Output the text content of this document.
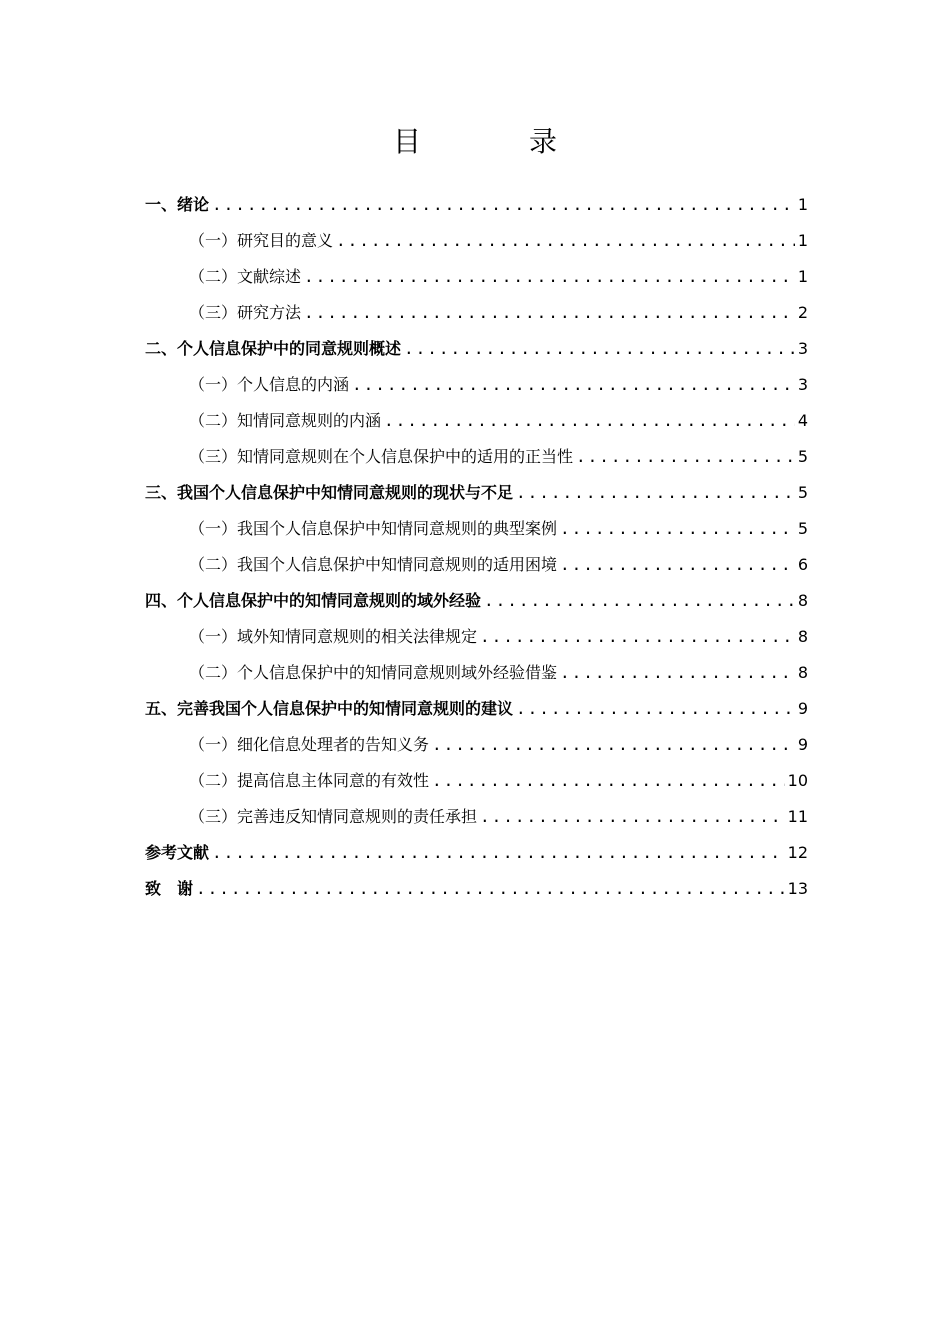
目　录
一、绪论 .....	1
（一）研究目的意义 .....	1
（二）文献综述 .....	1
（三）研究方法 .....	2
二、个人信息保护中的同意规则概述 .....	3
（一）个人信息的内涵 .....	3
（二）知情同意规则的内涵 .....	4
（三）知情同意规则在个人信息保护中的适用的正当性 .....	5
三、我国个人信息保护中知情同意规则的现状与不足 .....	5
（一）我国个人信息保护中知情同意规则的典型案例 .....	5
（二）我国个人信息保护中知情同意规则的适用困境 .....	6
四、个人信息保护中的知情同意规则的域外经验 .....	8
（一）域外知情同意规则的相关法律规定 .....	8
（二）个人信息保护中的知情同意规则域外经验借鉴 .....	8
五、完善我国个人信息保护中的知情同意规则的建议 .....	9
（一）细化信息处理者的告知义务 .....	9
（二）提高信息主体同意的有效性 .....	10
（三）完善违反知情同意规则的责任承担 .....	11
参考文献 .....	12
致　谢 .....	13
